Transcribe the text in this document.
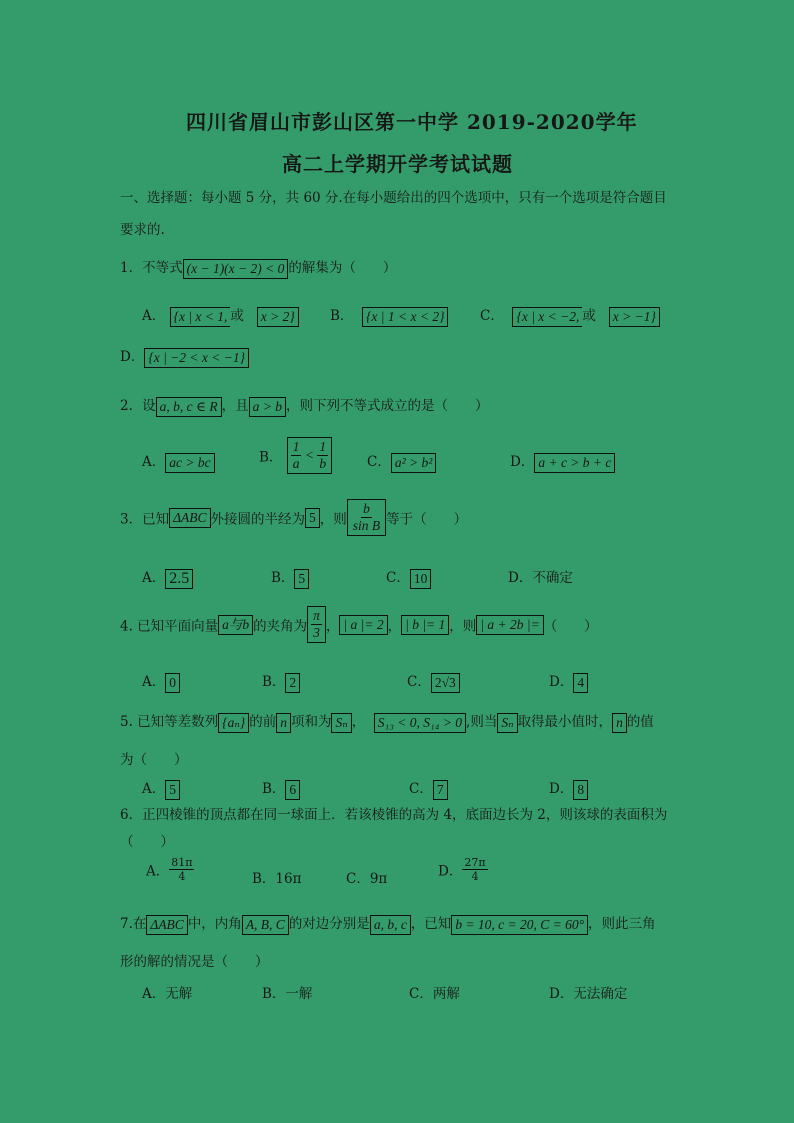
四川省眉山市彭山区第一中学 2019-2020学年
高二上学期开学考试试题
一、选择题：每小题 5 分，共 60 分.在每小题给出的四个选项中，只有一个选项是符合题目
要求的.
1．不等式 (x − 1)(x − 2) < 0 的解集为（　　）
A． {x | x < 1, 或 x > 2}	B． {x | 1 < x < 2}	C． {x | x < −2, 或 x > −1}
D． {x | −2 < x < −1}
2．设 a, b, c ∈ R ，且 a > b ，则下列不等式成立的是（　　）
A． ac > bc	B． $\frac{1}{a} < \frac{1}{b}$	C． a² > b²	D． a + c > b + c
3．已知 ΔABC 外接圆的半经为 5 ，则 $\frac{b}{\text{sin B}}$ 等于（　　）
A． 2.5	B． 5	C． 10	D．不确定
4. 已知平面向量 a与b 的夹角为 $\frac{\pi}{3}$ ， | a |= 2 ， | b |= 1 ，则 | a + 2b |= （　　）
A． 0	B． 2	C． 2√3	D． 4
5. 已知等差数列 {aₙ} 的前 n 项和为 Sₙ ， S₁₃ < 0, S₁₄ > 0 ,则当 Sₙ 取得最小值时， n 的值
为（　　）
A． 5	B． 6	C． 7	D． 8
6．正四棱锥的顶点都在同一球面上．若该棱锥的高为 4，底面边长为 2，则该球的表面积为
（　　）
A． $\frac{81\pi}{4}$	B．16π	C．9π	D． $\frac{27\pi}{4}$
7.在 ΔABC 中，内角 A, B, C 的对边分别是 a, b, c ，已知 b = 10, c = 20, C = 60° ，则此三角
形的解的情况是（　　）
A．无解	B．一解	C．两解	D．无法确定
